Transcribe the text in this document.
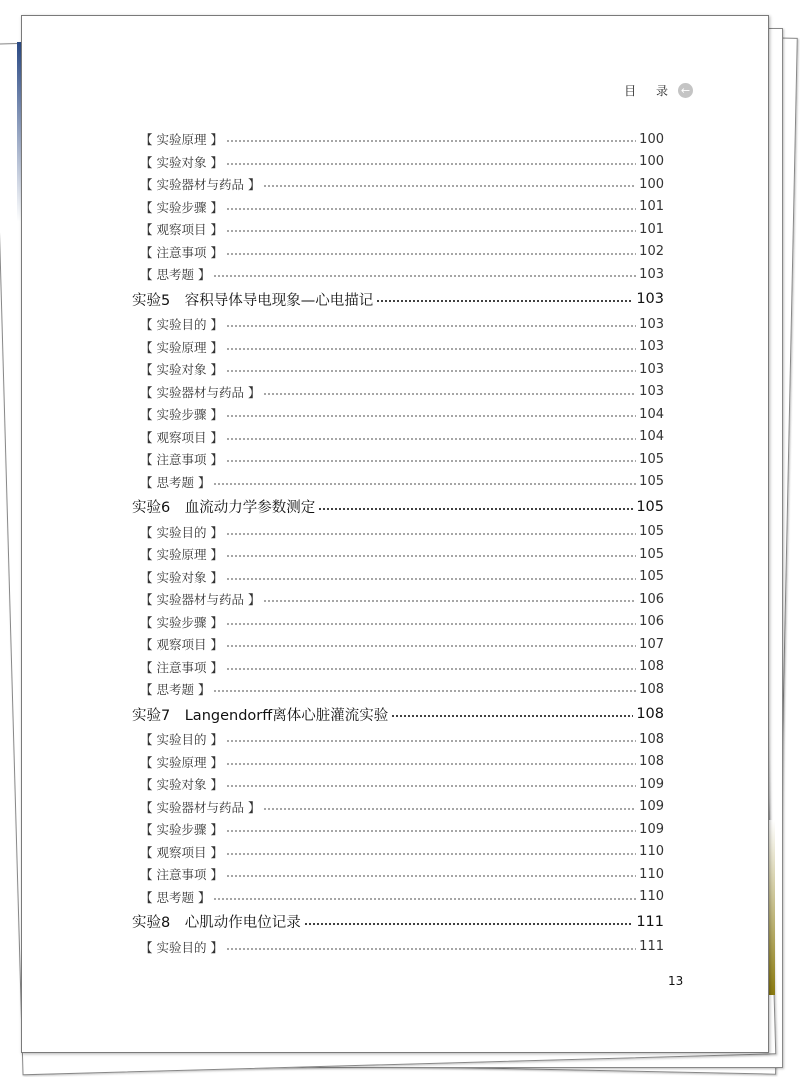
目 录 ←
【 实验原理 】	100
【 实验对象 】	100
【 实验器材与药品 】	100
【 实验步骤 】	101
【 观察项目 】	101
【 注意事项 】	102
【 思考题 】	103
实验5　容积导体导电现象—心电描记	103
【 实验目的 】	103
【 实验原理 】	103
【 实验对象 】	103
【 实验器材与药品 】	103
【 实验步骤 】	104
【 观察项目 】	104
【 注意事项 】	105
【 思考题 】	105
实验6　血流动力学参数测定	105
【 实验目的 】	105
【 实验原理 】	105
【 实验对象 】	105
【 实验器材与药品 】	106
【 实验步骤 】	106
【 观察项目 】	107
【 注意事项 】	108
【 思考题 】	108
实验7　Langendorff离体心脏灌流实验	108
【 实验目的 】	108
【 实验原理 】	108
【 实验对象 】	109
【 实验器材与药品 】	109
【 实验步骤 】	109
【 观察项目 】	110
【 注意事项 】	110
【 思考题 】	110
实验8　心肌动作电位记录	111
【 实验目的 】	111
13
